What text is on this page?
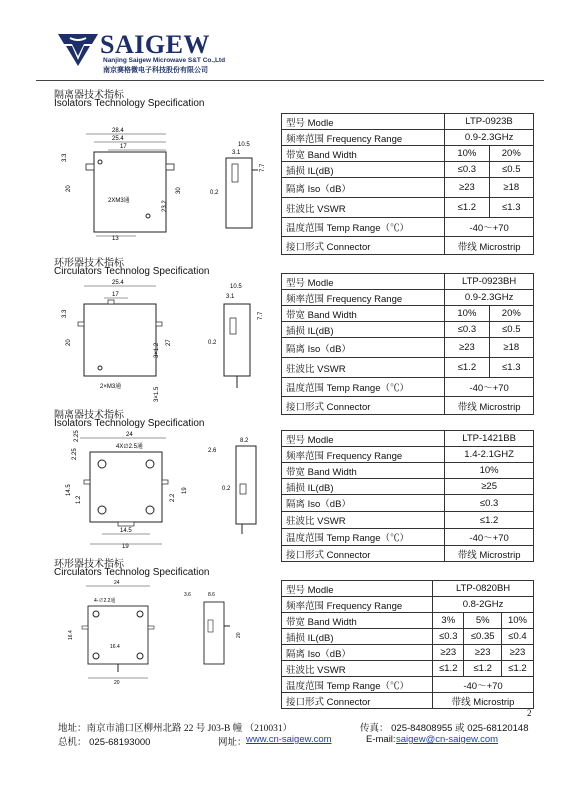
SAIGEW
Nanjing Saigew Microwave S&T Co.,Ltd
南京赛格微电子科技股份有限公司
隔离器技术指标
Isolators Technology Specification
28.4
25.4
17
3.3
20	30
2XM3通	23.2
13
10.5
3.1
7.7
0.2
型号 Modle	LTP-0923B	
频率范围 Frequency Range	0.9-2.3GHz	
带宽 Band Width	10%	20%
插损 IL(dB)	≤0.3	≤0.5
隔离 Iso（dB）	≥23	≥18
驻波比 VSWR	≤1.2	≤1.3
温度范围 Temp Range（℃）	-40～+70	
接口形式 Connector	带线 Microstrip	
环形器技术指标
Circulators Technolog Specification
25.4
17
3.3
20	27
3×1.2
2×M3通	3×1.5
10.5
3.1
7.7
0.2
型号 Modle	LTP-0923BH	
频率范围 Frequency Range	0.9-2.3GHz	
带宽 Band Width	10%	20%
插损 IL(dB)	≤0.3	≤0.5
隔离 Iso（dB）	≥23	≥18
驻波比 VSWR	≤1.2	≤1.3
温度范围 Temp Range（℃）	-40～+70	
接口形式 Connector	带线 Microstrip	
隔离器技术指标
Isolators Technology Specification
2.25	24
4X∅2.5通
2.25
14.5
1.2
14.5
19
19
2.2
2.6
8.2
0.2
型号 Modle	LTP-1421BB
频率范围 Frequency Range	1.4-2.1GHZ
带宽 Band Width	10%
插损 IL(dB)	≥25
隔离 Iso（dB）	≤0.3
驻波比 VSWR	≤1.2
温度范围 Temp Range（℃）	-40～+70
接口形式 Connector	带线 Microstrip
环形器技术指标
Circulators Technolog Specification
24
4-∅2.2通
16.4
16.4
20
3.6	8.6
20
型号 Modle	LTP-0820BH		
频率范围 Frequency Range	0.8-2GHz		
带宽 Band Width	3%	5%	10%
插损 IL(dB)	≤0.3	≤0.35	≤0.4
隔离 Iso（dB）	≥23	≥23	≥23
驻波比 VSWR	≤1.2	≤1.2	≤1.2
温度范围 Temp Range（℃）	-40～+70		
接口形式 Connector	带线 Microstrip		
2
地址：南京市浦口区柳州北路 22 号 J03-B 幢 （210031）	传真： 025-84808955 或 025-68120148
总机： 025-68193000	网址： www.cn-saigew.com	E-mail: saigew@cn-saigew.com
